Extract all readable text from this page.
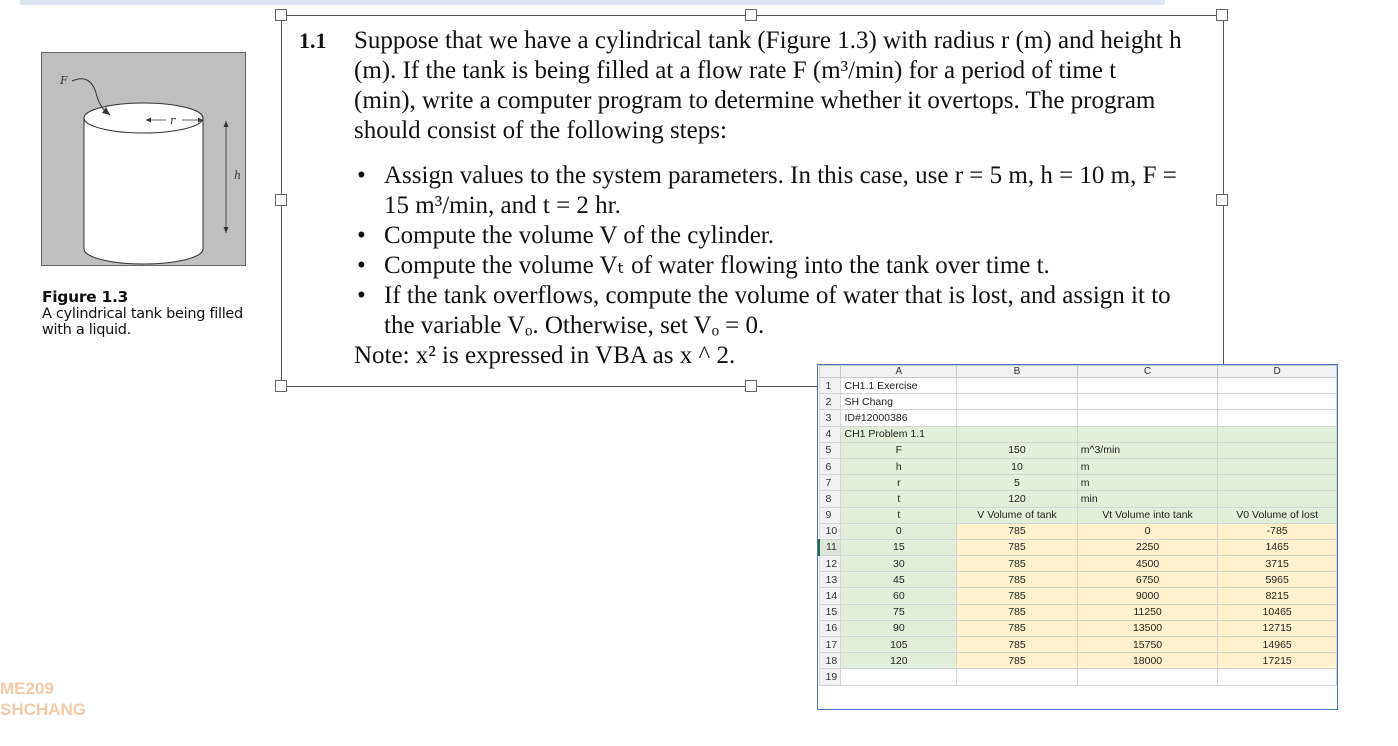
ME209
SHCHANG
F
r
h
Figure 1.3
A cylindrical tank being filled with a liquid.
1.1 Suppose that we have a cylindrical tank (Figure 1.3) with radius r (m) and height h (m). If the tank is being filled at a flow rate F (m³/min) for a period of time t (min), write a computer program to determine whether it overtops. The program should consist of the following steps:

• Assign values to the system parameters. In this case, use r = 5 m, h = 10 m, F = 15 m³/min, and t = 2 hr.
• Compute the volume V of the cylinder.
• Compute the volume Vₜ of water flowing into the tank over time t.
• If the tank overflows, compute the volume of water that is lost, and assign it to the variable Vₒ. Otherwise, set Vₒ = 0.

Note: x² is expressed in VBA as x ^ 2.

	A	B	C	D
1	CH1.1 Exercise			
2	SH Chang			
3	ID#12000386			
4	CH1 Problem 1.1			
5	F	150	m^3/min	
6	h	10	m	
7	r	5	m	
8	t	120	min	
9	t	V Volume of tank	Vt Volume into tank	V0 Volume of lost
10	0	785	0	-785
11	15	785	2250	1465
12	30	785	4500	3715
13	45	785	6750	5965
14	60	785	9000	8215
15	75	785	11250	10465
16	90	785	13500	12715
17	105	785	15750	14965
18	120	785	18000	17215
19				
